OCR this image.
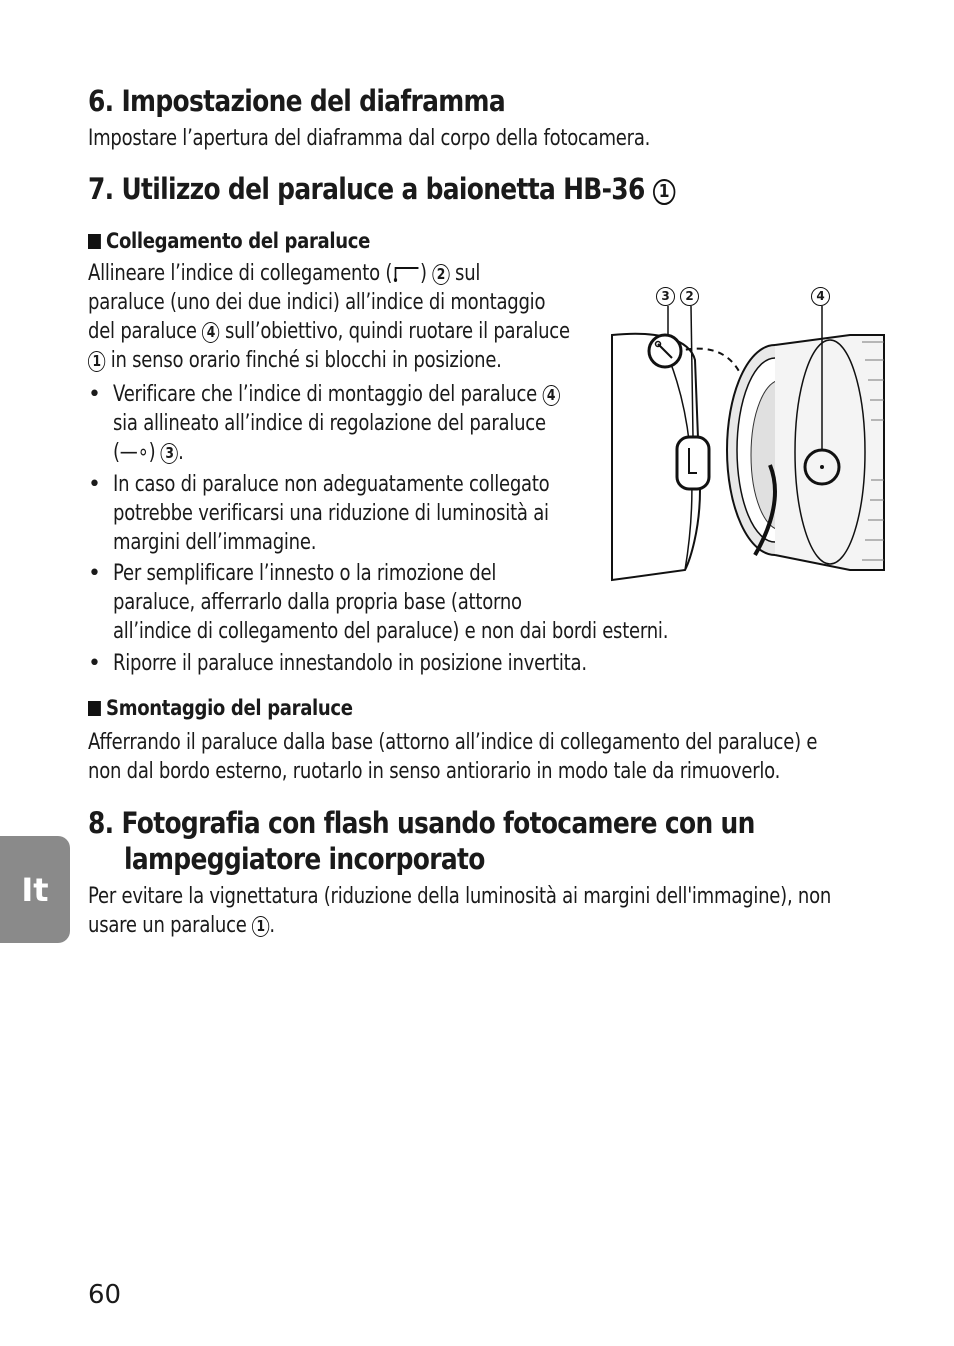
6. Impostazione del diaframma

Impostare l’apertura del diaframma dal corpo della fotocamera.

7. Utilizzo del paraluce a baionetta HB-36 1
Collegamento del paraluce

Allineare l’indice di collegamento ( ) 2 sul

paraluce (uno dei due indici) all’indice di montaggio

del paraluce 4 sull’obiettivo, quindi ruotare il paraluce

1 in senso orario finché si blocchi in posizione.

• Verificare che l’indice di montaggio del paraluce 4

sia allineato all’indice di regolazione del paraluce

(—∘) 3 .

• In caso di paraluce non adeguatamente collegato

potrebbe verificarsi una riduzione di luminosità ai

margini dell’immagine.

• Per semplificare l’innesto o la rimozione del

paraluce, afferrarlo dalla propria base (attorno

all’indice di collegamento del paraluce) e non dai bordi esterni.

• Riporre il paraluce innestandolo in posizione invertita.

Smontaggio del paraluce

Afferrando il paraluce dalla base (attorno all’indice di collegamento del paraluce) e

non dal bordo esterno, ruotarlo in senso antiorario in modo tale da rimuoverlo.

3	2	4
8. Fotografia con flash usando fotocamere con un
lampeggiatore incorporato

Per evitare la vignettatura (riduzione della luminosità ai margini dell'immagine), non

usare un paraluce 1 .

It
60
